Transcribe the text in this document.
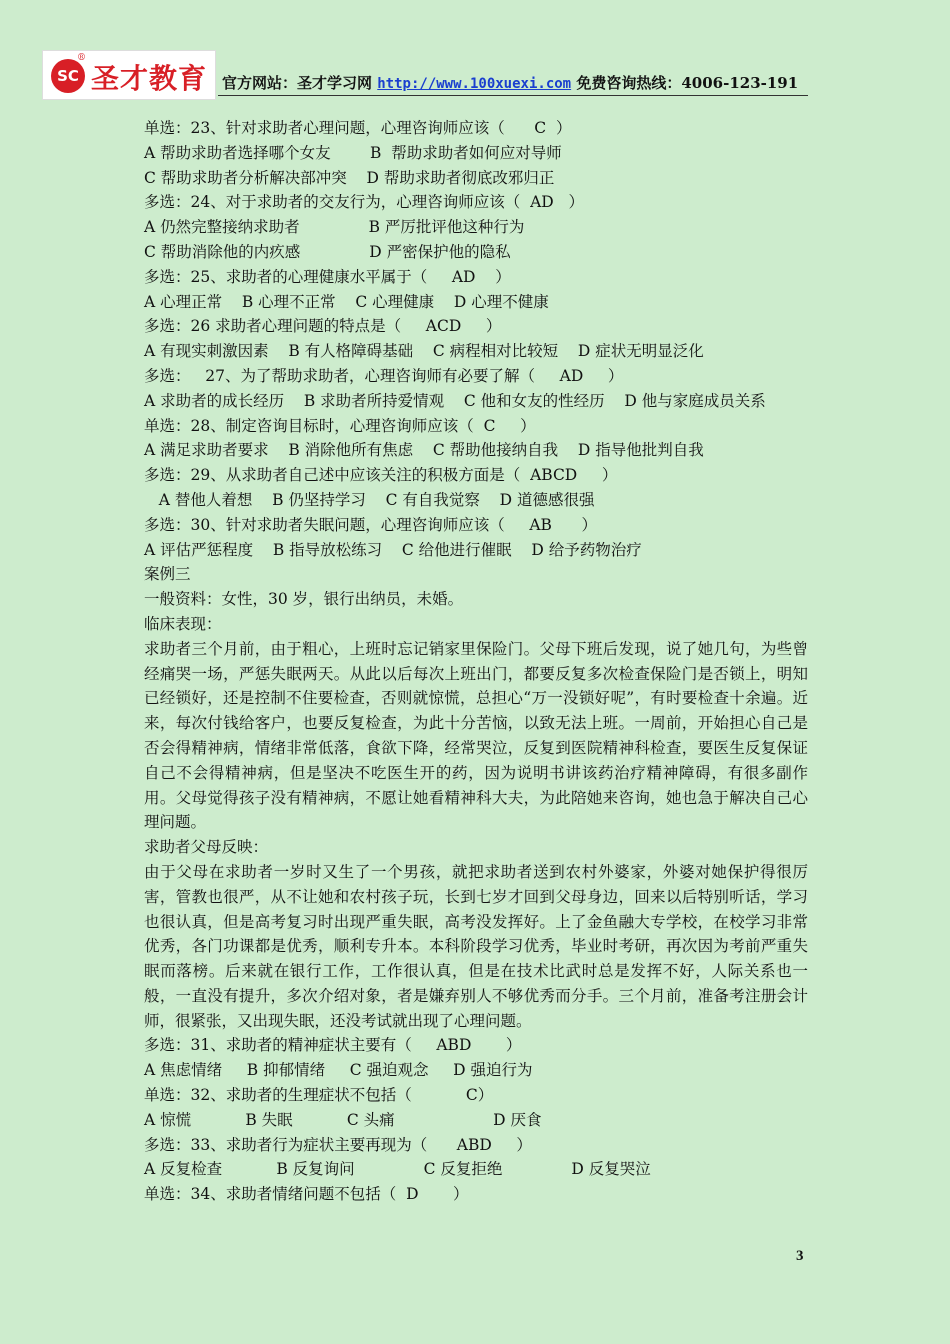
SC
®
圣才教育 官方网站：圣才学习网 http://www.100xuexi.com 免费咨询热线：4006-123-191
单选：23、针对求助者心理问题，心理咨询师应该（      C  ）
A 帮助求助者选择哪个女友        B  帮助求助者如何应对导师
C 帮助求助者分析解决部冲突    D 帮助求助者彻底改邪归正
多选：24、对于求助者的交友行为，心理咨询师应该（  AD   ）
A 仍然完整接纳求助者              B 严厉批评他这种行为
C 帮助消除他的内疚感              D 严密保护他的隐私
多选：25、求助者的心理健康水平属于（     AD    ）
A 心理正常    B 心理不正常    C 心理健康    D 心理不健康
多选：26 求助者心理问题的特点是（     ACD     ）
A 有现实刺激因素    B 有人格障碍基础    C 病程相对比较短    D 症状无明显泛化
多选：   27、为了帮助求助者，心理咨询师有必要了解（     AD     ）
A 求助者的成长经历    B 求助者所持爱情观    C 他和女友的性经历    D 他与家庭成员关系
单选：28、制定咨询目标时，心理咨询师应该（  C     ）
A 满足求助者要求    B 消除他所有焦虑    C 帮助他接纳自我    D 指导他批判自我
多选：29、从求助者自己述中应该关注的积极方面是（  ABCD     ）
A 替他人着想    B 仍坚持学习    C 有自我觉察    D 道德感很强
多选：30、针对求助者失眠问题，心理咨询师应该（     AB      ）
A 评估严惩程度    B 指导放松练习    C 给他进行催眠    D 给予药物治疗
案例三
一般资料：女性，30 岁，银行出纳员，未婚。
临床表现：
求助者三个月前，由于粗心，上班时忘记销家里保险门。父母下班后发现，说了她几句，为些曾经痛哭一场，严惩失眠两天。从此以后每次上班出门，都要反复多次检查保险门是否锁上，明知已经锁好，还是控制不住要检查，否则就惊慌，总担心“万一没锁好呢”，有时要检查十余遍。近来，每次付钱给客户，也要反复检查，为此十分苦恼，以致无法上班。一周前，开始担心自己是否会得精神病，情绪非常低落，食欲下降，经常哭泣，反复到医院精神科检查，要医生反复保证自己不会得精神病，但是坚决不吃医生开的药，因为说明书讲该药治疗精神障碍，有很多副作用。父母觉得孩子没有精神病，不愿让她看精神科大夫，为此陪她来咨询，她也急于解决自己心理问题。
求助者父母反映：
由于父母在求助者一岁时又生了一个男孩，就把求助者送到农村外婆家，外婆对她保护得很厉害，管教也很严，从不让她和农村孩子玩，长到七岁才回到父母身边，回来以后特别听话，学习也很认真，但是高考复习时出现严重失眠，高考没发挥好。上了金鱼融大专学校，在校学习非常优秀，各门功课都是优秀，顺利专升本。本科阶段学习优秀，毕业时考研，再次因为考前严重失眠而落榜。后来就在银行工作，工作很认真，但是在技术比武时总是发挥不好，人际关系也一般，一直没有提升，多次介绍对象，者是嫌弃别人不够优秀而分手。三个月前，准备考注册会计师，很紧张，又出现失眠，还没考试就出现了心理问题。
多选：31、求助者的精神症状主要有（     ABD       ）
A 焦虑情绪     B 抑郁情绪     C 强迫观念     D 强迫行为
单选：32、求助者的生理症状不包括（           C）
A 惊慌           B 失眠           C 头痛                    D 厌食
多选：33、求助者行为症状主要再现为（      ABD     ）
A 反复检查           B 反复询问              C 反复拒绝              D 反复哭泣
单选：34、求助者情绪问题不包括（  D       ）
3
